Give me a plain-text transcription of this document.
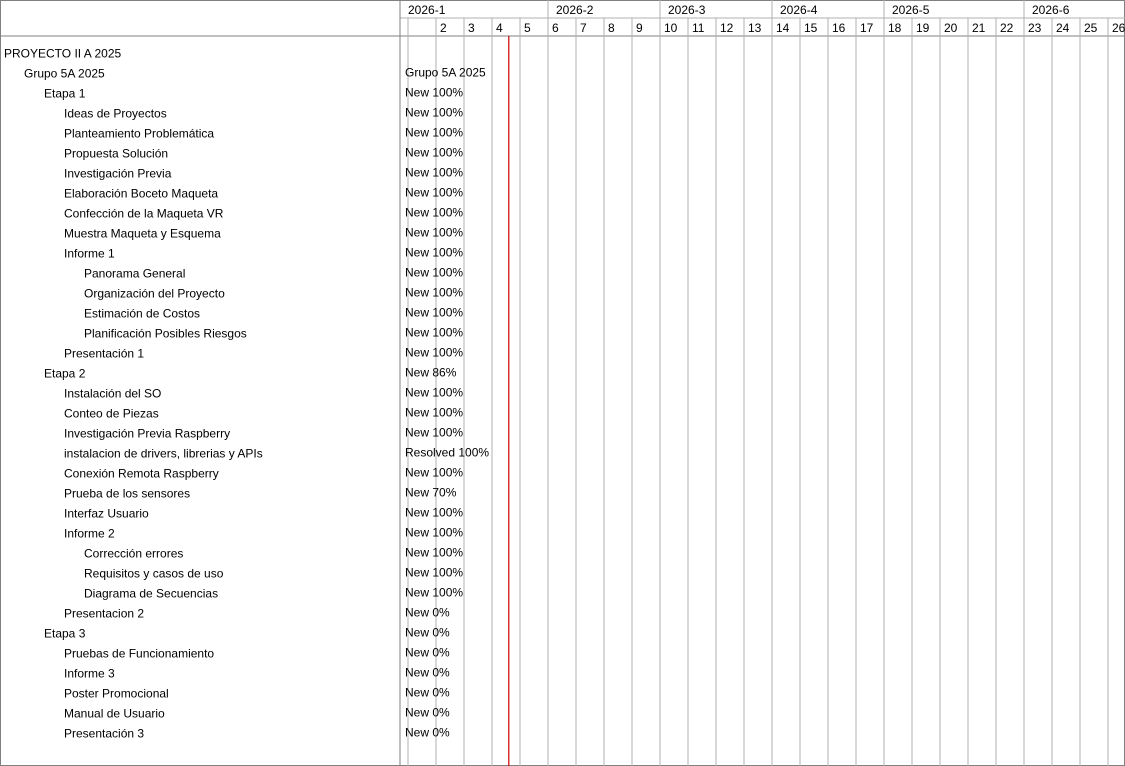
2026-1	2026-2	2026-3	2026-4	2026-5	2026-6
2 3 4 5 6 7 8 9 10 11 12 13 14 15 16 17 18 19 20 21 22 23 24 25 26
PROYECTO II A 2025
Grupo 5A 2025	Grupo 5A 2025
Etapa 1	New 100%
Ideas de Proyectos	New 100%
Planteamiento Problemática	New 100%
Propuesta Solución	New 100%
Investigación Previa	New 100%
Elaboración Boceto Maqueta	New 100%
Confección de la Maqueta VR	New 100%
Muestra Maqueta y Esquema	New 100%
Informe 1	New 100%
Panorama General	New 100%
Organización del Proyecto	New 100%
Estimación de Costos	New 100%
Planificación Posibles Riesgos	New 100%
Presentación 1	New 100%
Etapa 2	New 86%
Instalación del SO	New 100%
Conteo de Piezas	New 100%
Investigación Previa Raspberry	New 100%
instalacion de drivers, librerias y APIs	Resolved 100%
Conexión Remota Raspberry	New 100%
Prueba de los sensores	New 70%
Interfaz Usuario	New 100%
Informe 2	New 100%
Corrección errores	New 100%
Requisitos y casos de uso	New 100%
Diagrama de Secuencias	New 100%
Presentacion 2	New 0%
Etapa 3	New 0%
Pruebas de Funcionamiento	New 0%
Informe 3	New 0%
Poster Promocional	New 0%
Manual de Usuario	New 0%
Presentación 3	New 0%
